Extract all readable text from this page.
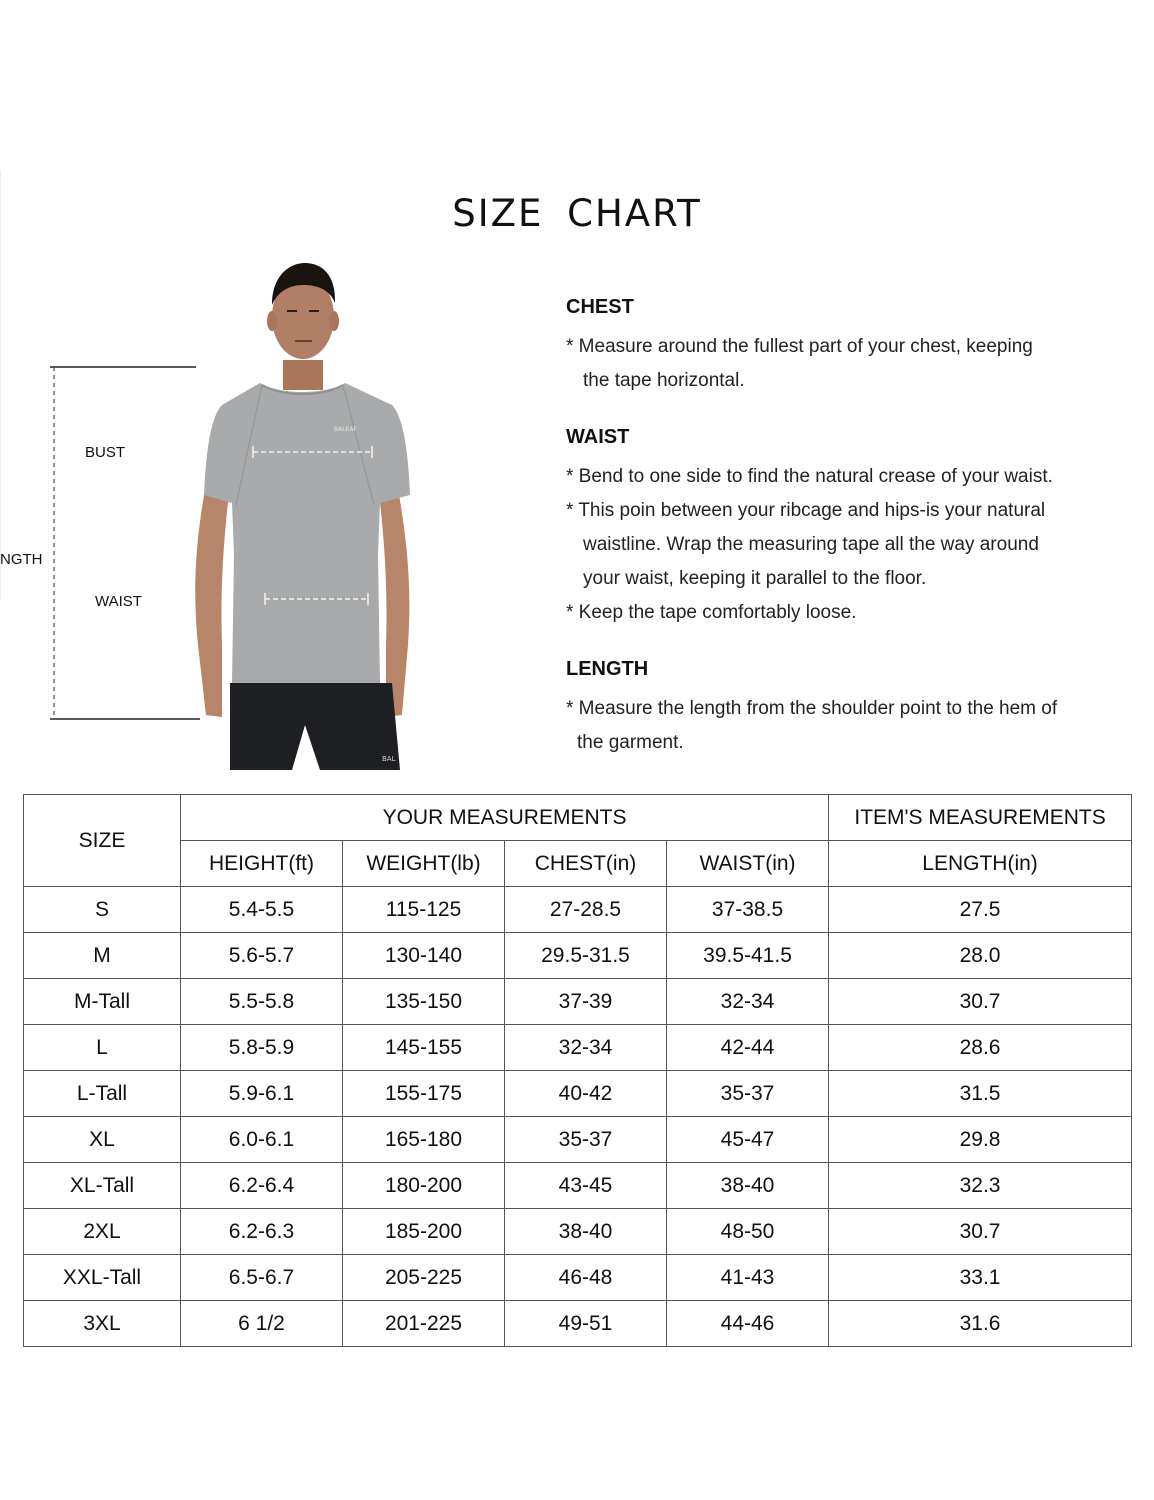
SIZE CHART
BALEAF
BAL
BUST
WAIST
NGTH
CHEST
* Measure around the fullest part of your chest, keeping
the tape horizontal.
WAIST
* Bend to one side to find the natural crease of your waist.
* This poin between your ribcage and hips-is your natural
waistline. Wrap the measuring tape all the way around
your waist, keeping it parallel to the floor.
* Keep the tape comfortably loose.
LENGTH
* Measure the length from the shoulder point to the hem of
the garment.
SIZE	YOUR MEASUREMENTS				ITEM'S MEASUREMENTS
	HEIGHT(ft)	WEIGHT(lb)	CHEST(in)	WAIST(in)	LENGTH(in)
S	5.4-5.5	115-125	27-28.5	37-38.5	27.5
M	5.6-5.7	130-140	29.5-31.5	39.5-41.5	28.0
M-Tall	5.5-5.8	135-150	37-39	32-34	30.7
L	5.8-5.9	145-155	32-34	42-44	28.6
L-Tall	5.9-6.1	155-175	40-42	35-37	31.5
XL	6.0-6.1	165-180	35-37	45-47	29.8
XL-Tall	6.2-6.4	180-200	43-45	38-40	32.3
2XL	6.2-6.3	185-200	38-40	48-50	30.7
XXL-Tall	6.5-6.7	205-225	46-48	41-43	33.1
3XL	6 1/2	201-225	49-51	44-46	31.6
